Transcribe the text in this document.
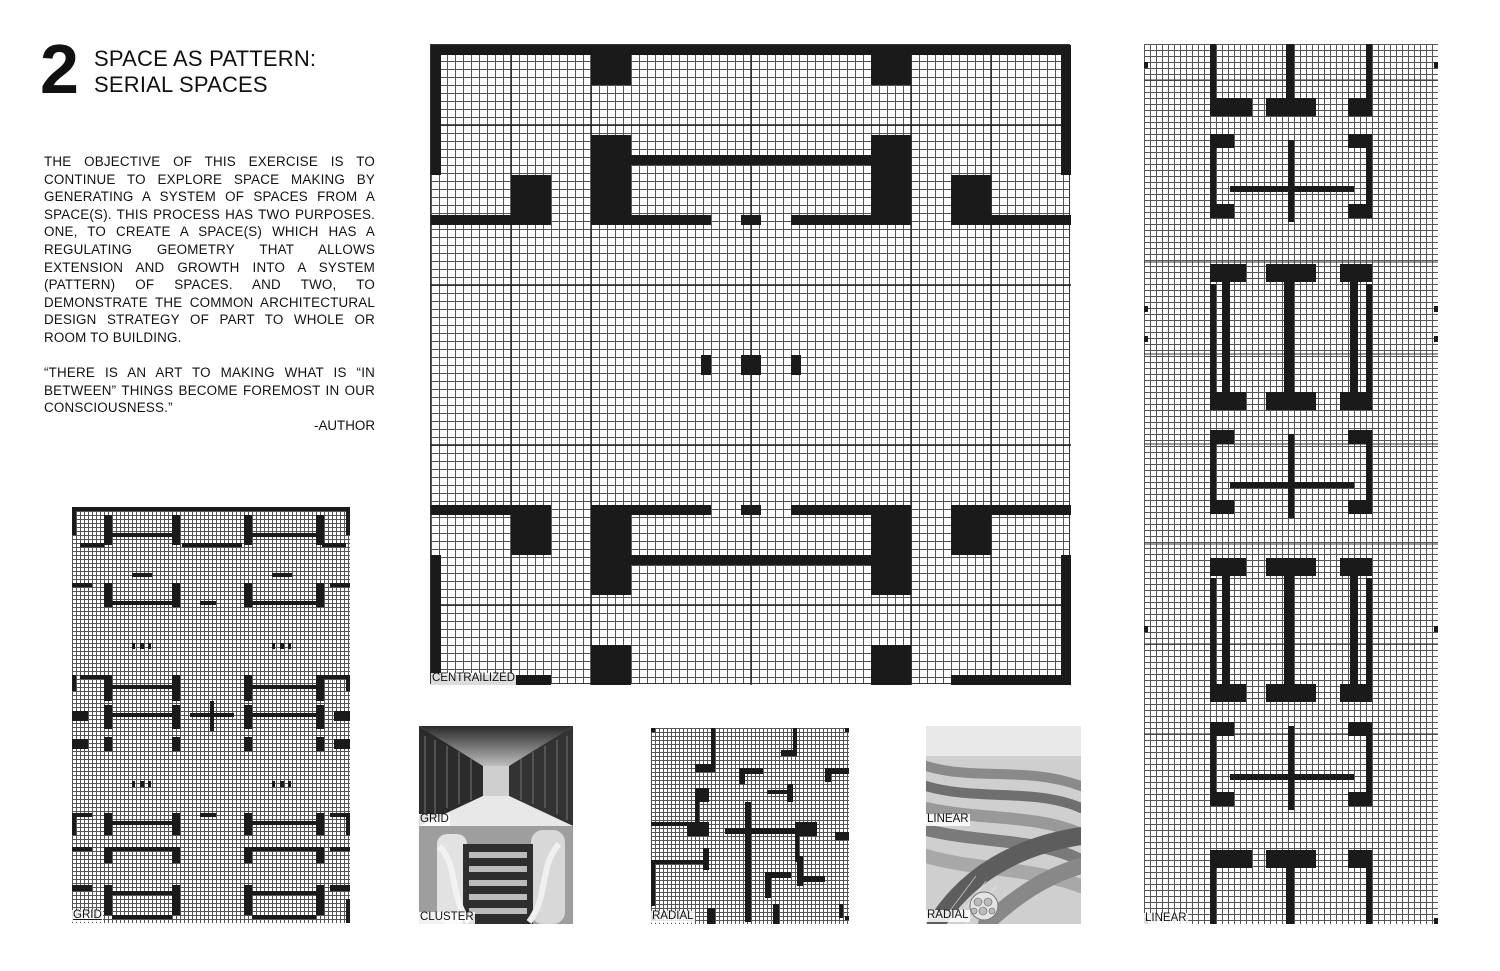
2 SPACE AS PATTERN:
SERIAL SPACES
THE OBJECTIVE OF THIS EXERCISE IS TO CONTINUE TO EXPLORE SPACE MAKING BY GENERATING A SYSTEM OF SPACES FROM A SPACE(S). THIS PROCESS HAS TWO PURPOSES. ONE, TO CREATE A SPACE(S) WHICH HAS A REGULATING GEOMETRY THAT ALLOWS EXTENSION AND GROWTH INTO A SYSTEM (PATTERN) OF SPACES. AND TWO, TO DEMONSTRATE THE COMMON ARCHITECTURAL DESIGN STRATEGY OF PART TO WHOLE OR ROOM TO BUILDING.
“THERE IS AN ART TO MAKING WHAT IS “IN BETWEEN” THINGS BECOME FOREMOST IN OUR CONSCIOUSNESS.”
-AUTHOR
CENTRAILIZED
GRID
GRID
CLUSTER	RADIAL
LINEAR
RADIAL	LINEAR
